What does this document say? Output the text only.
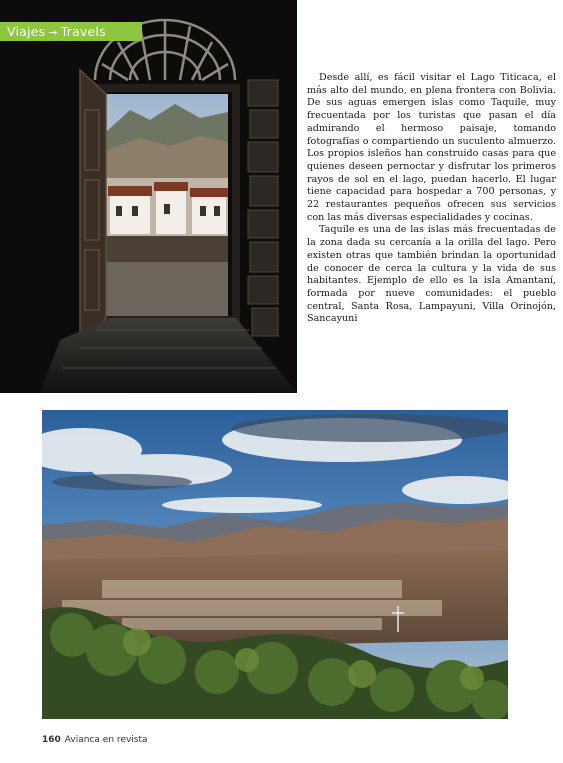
Viajes → Travels

Desde allí, es fácil visitar el Lago Titicaca, el más alto del mundo, en plena frontera con Bolivia. De sus aguas emergen islas como Taquile, muy frecuentada por los turistas que pasan el día admirando el hermoso paisaje, tomando fotografías o compartiendo un suculento almuerzo. Los propios isleños han construido casas para que quienes deseen pernoctar y disfrutar los primeros rayos de sol en el lago, puedan hacerlo. El lugar tiene capacidad para hospedar a 700 personas, y 22 restaurantes pequeños ofrecen sus servicios con las más diversas especialidades y cocinas.

Taquile es una de las islas más frecuentadas de la zona dada su cercanía a la orilla del lago. Pero existen otras que también brindan la oportunidad de conocer de cerca la cultura y la vida de sus habitantes. Ejemplo de ello es la isla Amantaní, formada por nueve comunidades: el pueblo central, Santa Rosa, Lampayuni, Villa Orinojón, Sancayuni

160 Avianca en revista
